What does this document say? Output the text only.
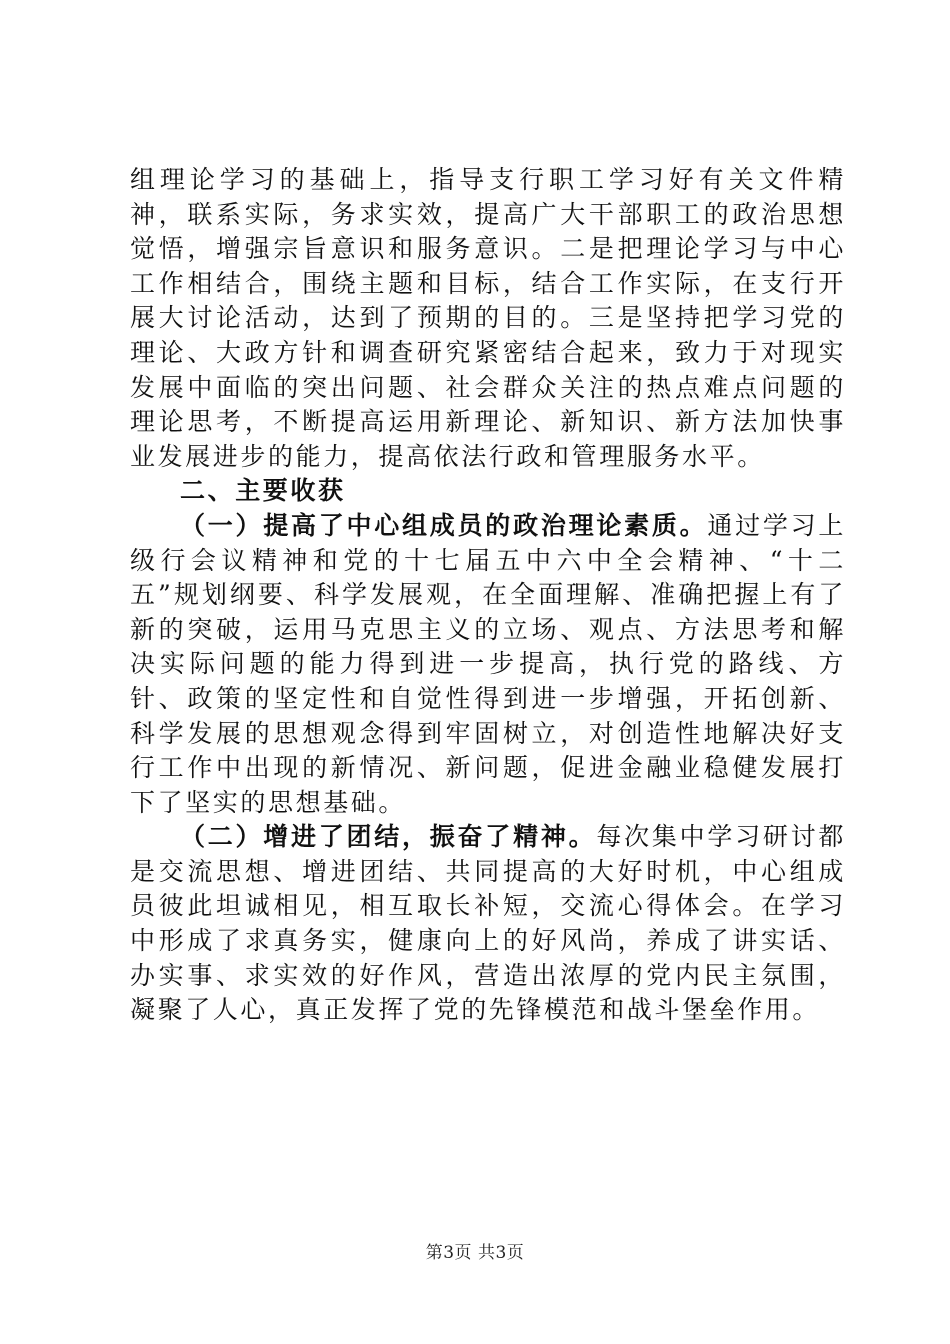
组理论学习的基础上，指导支行职工学习好有关文件精神，联系实际，务求实效，提高广大干部职工的政治思想觉悟，增强宗旨意识和服务意识。二是把理论学习与中心工作相结合，围绕主题和目标，结合工作实际，在支行开展大讨论活动，达到了预期的目的。三是坚持把学习党的理论、大政方针和调查研究紧密结合起来，致力于对现实发展中面临的突出问题、社会群众关注的热点难点问题的理论思考，不断提高运用新理论、新知识、新方法加快事业发展进步的能力，提高依法行政和管理服务水平。

二、主要收获

（一）提高了中心组成员的政治理论素质。通过学习上级行会议精神和党的十七届五中六中全会精神、“十二五”规划纲要、科学发展观，在全面理解、准确把握上有了新的突破，运用马克思主义的立场、观点、方法思考和解决实际问题的能力得到进一步提高，执行党的路线、方针、政策的坚定性和自觉性得到进一步增强，开拓创新、科学发展的思想观念得到牢固树立，对创造性地解决好支行工作中出现的新情况、新问题，促进金融业稳健发展打下了坚实的思想基础。

（二）增进了团结，振奋了精神。每次集中学习研讨都是交流思想、增进团结、共同提高的大好时机，中心组成员彼此坦诚相见，相互取长补短，交流心得体会。在学习中形成了求真务实，健康向上的好风尚，养成了讲实话、办实事、求实效的好作风，营造出浓厚的党内民主氛围，凝聚了人心，真正发挥了党的先锋模范和战斗堡垒作用。

第3页 共3页
